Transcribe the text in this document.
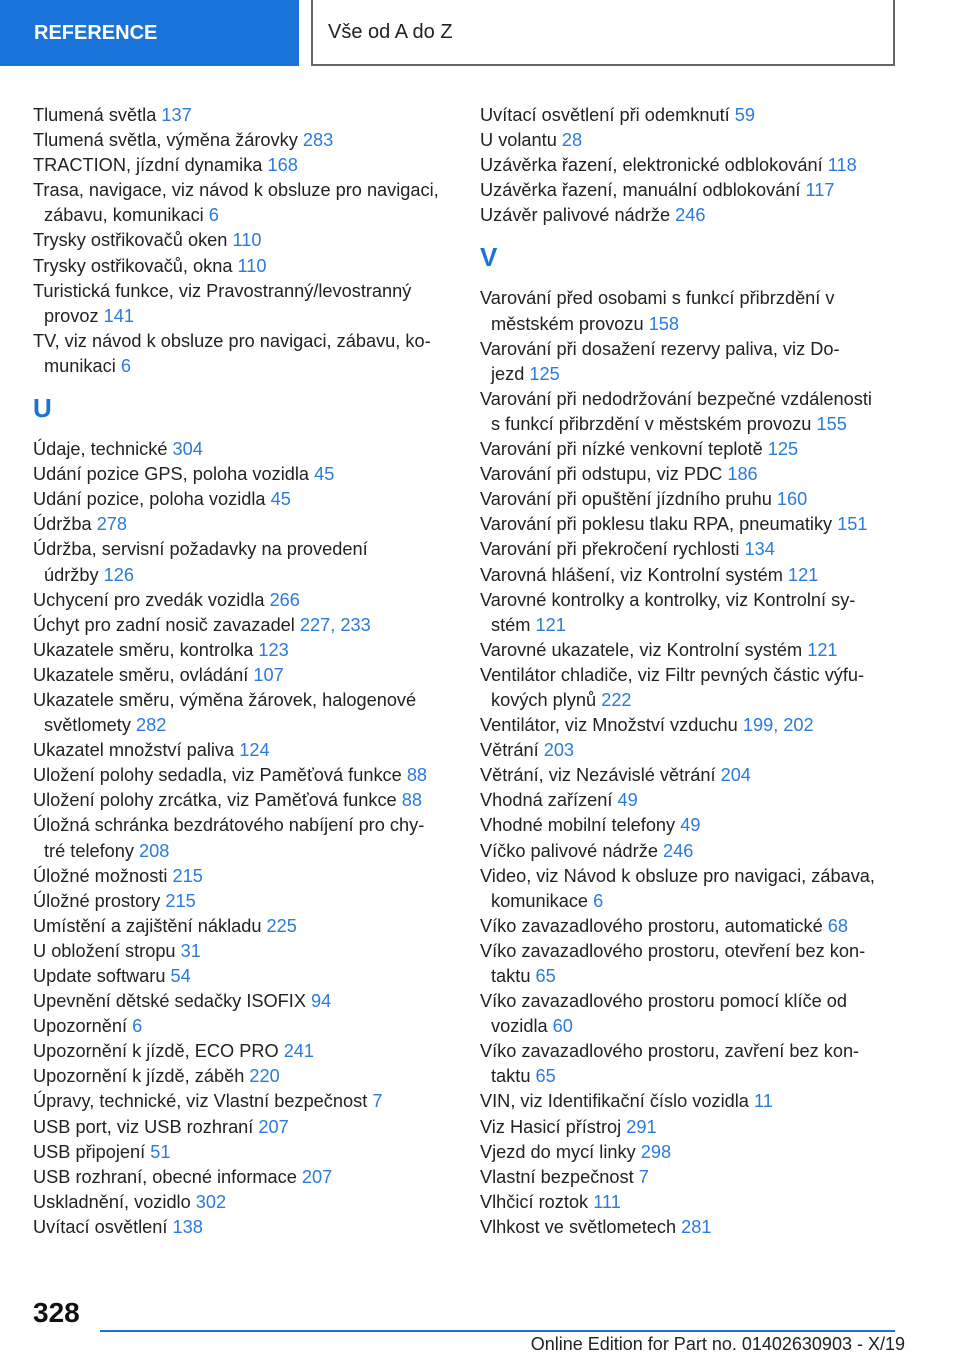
REFERENCE	Vše od A do Z
Tlumená světla 137
Tlumená světla, výměna žárovky 283
TRACTION, jízdní dynamika 168
Trasa, navigace, viz návod k obsluze pro navigaci,
zábavu, komunikaci 6
Trysky ostřikovačů oken 110
Trysky ostřikovačů, okna 110
Turistická funkce, viz Pravostranný/levostranný
provoz 141
TV, viz návod k obsluze pro navigaci, zábavu, ko-
munikaci 6
U
Údaje, technické 304
Udání pozice GPS, poloha vozidla 45
Udání pozice, poloha vozidla 45
Údržba 278
Údržba, servisní požadavky na provedení
údržby 126
Uchycení pro zvedák vozidla 266
Úchyt pro zadní nosič zavazadel 227, 233
Ukazatele směru, kontrolka 123
Ukazatele směru, ovládání 107
Ukazatele směru, výměna žárovek, halogenové
světlomety 282
Ukazatel množství paliva 124
Uložení polohy sedadla, viz Paměťová funkce 88
Uložení polohy zrcátka, viz Paměťová funkce 88
Úložná schránka bezdrátového nabíjení pro chy-
tré telefony 208
Úložné možnosti 215
Úložné prostory 215
Umístění a zajištění nákladu 225
U obložení stropu 31
Update softwaru 54
Upevnění dětské sedačky ISOFIX 94
Upozornění 6
Upozornění k jízdě, ECO PRO 241
Upozornění k jízdě, záběh 220
Úpravy, technické, viz Vlastní bezpečnost 7
USB port, viz USB rozhraní 207
USB připojení 51
USB rozhraní, obecné informace 207
Uskladnění, vozidlo 302
Uvítací osvětlení 138
Uvítací osvětlení při odemknutí 59
U volantu 28
Uzávěrka řazení, elektronické odblokování 118
Uzávěrka řazení, manuální odblokování 117
Uzávěr palivové nádrže 246
V
Varování před osobami s funkcí přibrzdění v
městském provozu 158
Varování při dosažení rezervy paliva, viz Do-
jezd 125
Varování při nedodržování bezpečné vzdálenosti
s funkcí přibrzdění v městském provozu 155
Varování při nízké venkovní teplotě 125
Varování při odstupu, viz PDC 186
Varování při opuštění jízdního pruhu 160
Varování při poklesu tlaku RPA, pneumatiky 151
Varování při překročení rychlosti 134
Varovná hlášení, viz Kontrolní systém 121
Varovné kontrolky a kontrolky, viz Kontrolní sy-
stém 121
Varovné ukazatele, viz Kontrolní systém 121
Ventilátor chladiče, viz Filtr pevných částic výfu-
kových plynů 222
Ventilátor, viz Množství vzduchu 199, 202
Větrání 203
Větrání, viz Nezávislé větrání 204
Vhodná zařízení 49
Vhodné mobilní telefony 49
Víčko palivové nádrže 246
Video, viz Návod k obsluze pro navigaci, zábava,
komunikace 6
Víko zavazadlového prostoru, automatické 68
Víko zavazadlového prostoru, otevření bez kon-
taktu 65
Víko zavazadlového prostoru pomocí klíče od
vozidla 60
Víko zavazadlového prostoru, zavření bez kon-
taktu 65
VIN, viz Identifikační číslo vozidla 11
Viz Hasicí přístroj 291
Vjezd do mycí linky 298
Vlastní bezpečnost 7
Vlhčicí roztok 111
Vlhkost ve světlometech 281
328
Online Edition for Part no. 01402630903 - X/19
